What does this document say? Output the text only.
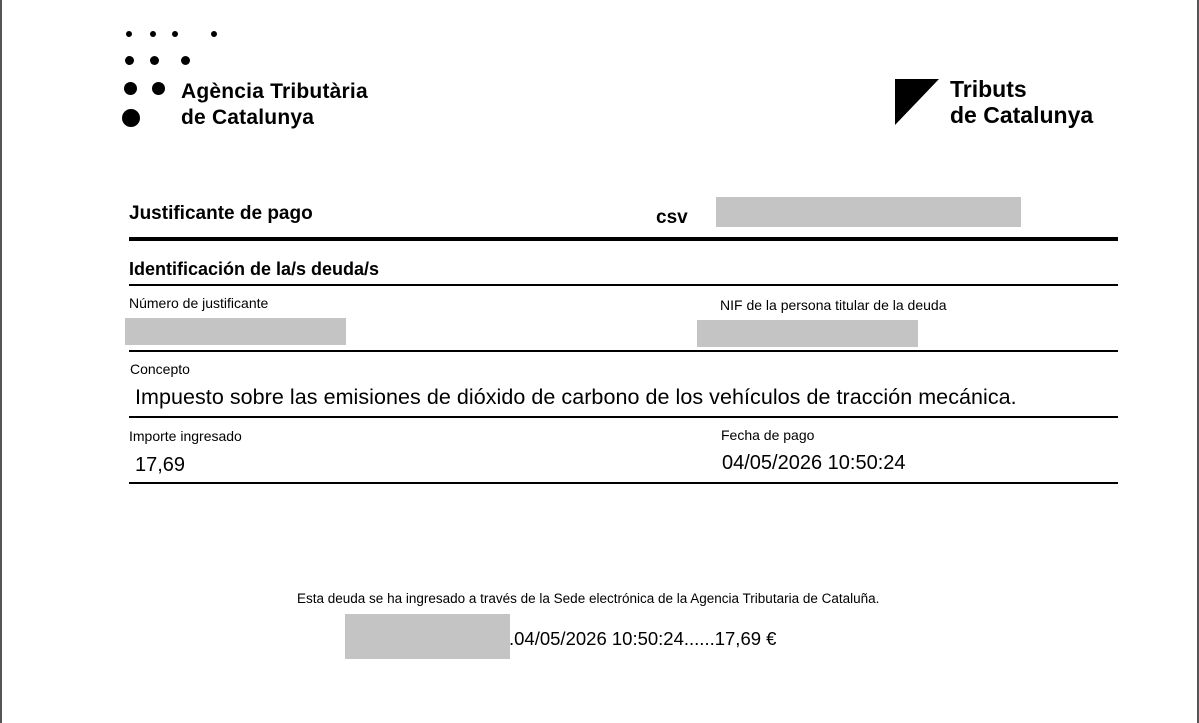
Agència Tributària
de Catalunya
Tributs
de Catalunya
Justificante de pago	csv
Identificación de la/s deuda/s
Número de justificante	NIF de la persona titular de la deuda
Concepto
Impuesto sobre las emisiones de dióxido de carbono de los vehículos de tracción mecánica.
Importe ingresado
17,69
Fecha de pago
04/05/2026 10:50:24
Esta deuda se ha ingresado a través de la Sede electrónica de la Agencia Tributaria de Cataluña.
.04/05/2026 10:50:24......17,69 €
